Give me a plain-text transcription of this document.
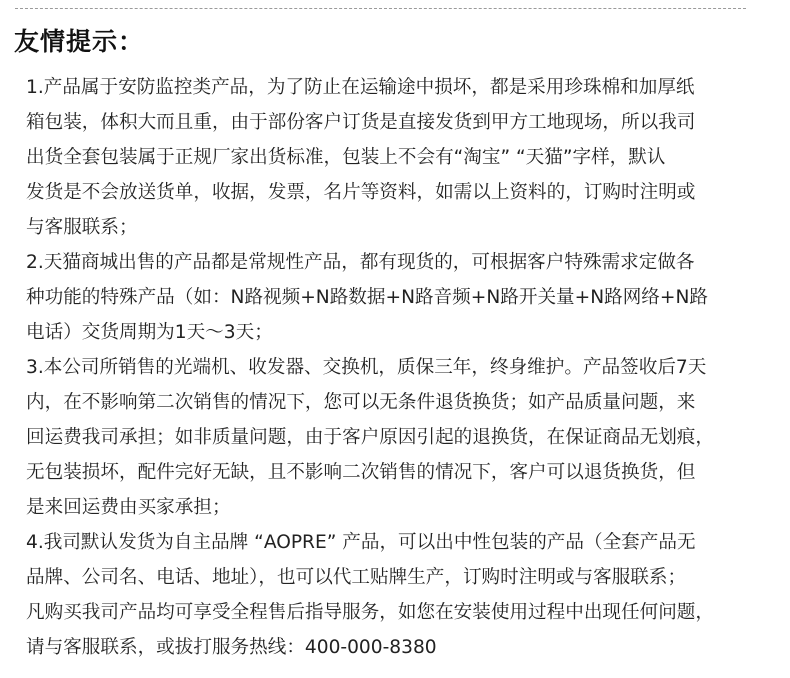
友情提示：
1.产品属于安防监控类产品，为了防止在运输途中损坏，都是采用珍珠棉和加厚纸
箱包装，体积大而且重，由于部份客户订货是直接发货到甲方工地现场，所以我司
出货全套包装属于正规厂家出货标准，包装上不会有“淘宝” “天猫”字样，默认
发货是不会放送货单，收据，发票，名片等资料，如需以上资料的，订购时注明或
与客服联系；
2.天猫商城出售的产品都是常规性产品，都有现货的，可根据客户特殊需求定做各
种功能的特殊产品（如：N路视频+N路数据+N路音频+N路开关量+N路网络+N路
电话）交货周期为1天～3天；
3.本公司所销售的光端机、收发器、交换机，质保三年，终身维护。产品签收后7天
内，在不影响第二次销售的情况下，您可以无条件退货换货；如产品质量问题，来
回运费我司承担；如非质量问题，由于客户原因引起的退换货，在保证商品无划痕，
无包装损坏，配件完好无缺，且不影响二次销售的情况下，客户可以退货换货，但
是来回运费由买家承担；
4.我司默认发货为自主品牌 “AOPRE” 产品，可以出中性包装的产品（全套产品无
品牌、公司名、电话、地址），也可以代工贴牌生产，订购时注明或与客服联系；
凡购买我司产品均可享受全程售后指导服务，如您在安装使用过程中出现任何问题，
请与客服联系，或拔打服务热线：400-000-8380
